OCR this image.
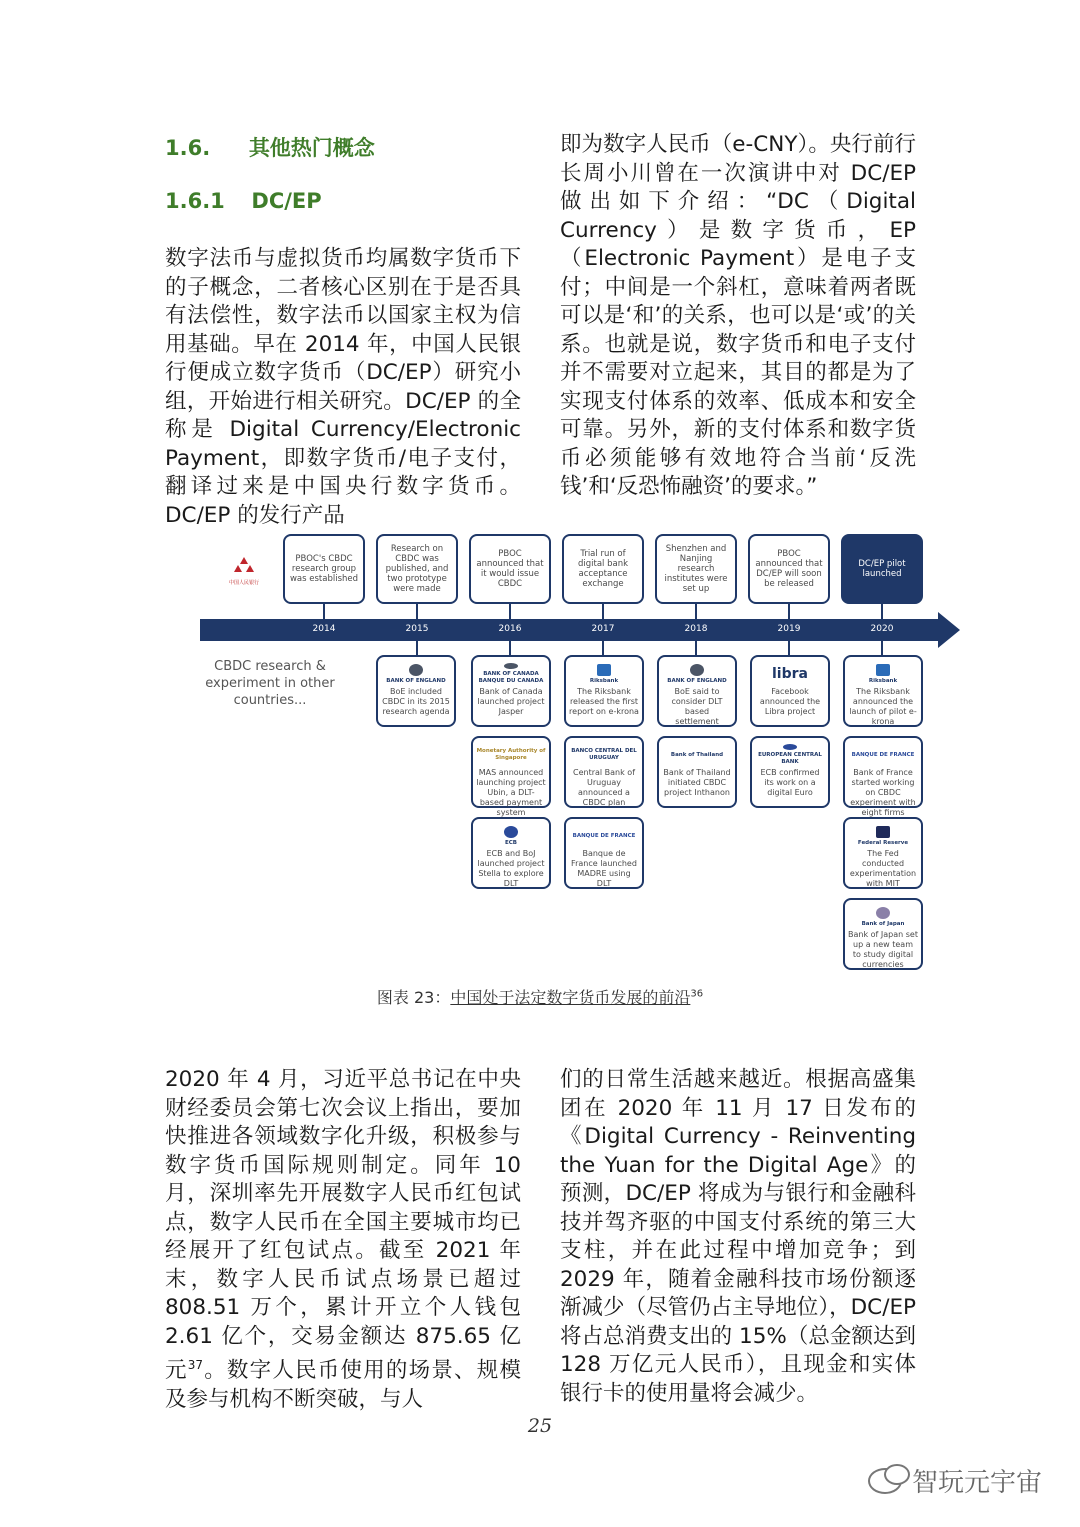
1.6. 其他热门概念
1.6.1 DC/EP

数字法币与虚拟货币均属数字货币下的子概念，二者核心区别在于是否具有法偿性，数字法币以国家主权为信用基础。早在 2014 年，中国人民银行便成立数字货币（DC/EP）研究小组，开始进行相关研究。DC/EP 的全称是 Digital Currency/Electronic Payment，即数字货币/电子支付，翻译过来是中国央行数字货币。DC/EP 的发行产品

即为数字人民币（e-CNY）。央行前行长周小川曾在一次演讲中对 DC/EP 做出如下介绍：“DC（Digital Currency）是数字货币，EP（Electronic Payment）是电子支付；中间是一个斜杠，意味着两者既可以是‘和’的关系，也可以是‘或’的关系。也就是说，数字货币和电子支付并不需要对立起来，其目的都是为了实现支付体系的效率、低成本和安全可靠。另外，新的支付体系和数字货币必须能够有效地符合当前‘反洗钱’和‘反恐怖融资’的要求。”

中国人民银行
PBOC's CBDC research group was established
Research on CBDC was published, and two prototype were made
PBOC announced that it would issue CBDC
Trial run of digital bank acceptance exchange
Shenzhen and Nanjing research institutes were set up
PBOC announced that DC/EP will soon be released
DC/EP pilot launched
2014	2015	2016	2017	2018	2019	2020
CBDC research & experiment in other countries...
BANK OF ENGLAND
BoE included CBDC in its 2015 research agenda
BANK OF CANADA BANQUE DU CANADA
Bank of Canada launched project Jasper
Monetary Authority of Singapore
MAS announced launching project Ubin, a DLT-based payment system
ECB
ECB and BoJ launched project Stella to explore DLT
Riksbank
The Riksbank released the first report on e-krona
BANCO CENTRAL DEL URUGUAY
Central Bank of Uruguay announced a CBDC plan
BANQUE DE FRANCE
Banque de France launched MADRE using DLT
BANK OF ENGLAND
BoE said to consider DLT based settlement
Bank of Thailand
Bank of Thailand initiated CBDC project Inthanon
libra
Facebook announced the Libra project
EUROPEAN CENTRAL BANK
ECB confirmed its work on a digital Euro
Riksbank
The Riksbank announced the launch of pilot e-krona
BANQUE DE FRANCE
Bank of France started working on CBDC experiment with eight firms
Federal Reserve
The Fed conducted experimentation with MIT
Bank of Japan
Bank of Japan set up a new team to study digital currencies
图表 23：中国处于法定数字货币发展的前沿$^{36}$

2020 年 4 月，习近平总书记在中央财经委员会第七次会议上指出，要加快推进各领域数字化升级，积极参与数字货币国际规则制定。同年 10 月，深圳率先开展数字人民币红包试点，数字人民币在全国主要城市均已经展开了红包试点。截至 2021 年末，数字人民币试点场景已超过 808.51 万个，累计开立个人钱包 2.61 亿个，交易金额达 875.65 亿元$^{37}$。数字人民币使用的场景、规模及参与机构不断突破，与人

们的日常生活越来越近。根据高盛集团在 2020 年 11 月 17 日发布的《Digital Currency - Reinventing the Yuan for the Digital Age》的预测，DC/EP 将成为与银行和金融科技并驾齐驱的中国支付系统的第三大支柱，并在此过程中增加竞争；到 2029 年，随着金融科技市场份额逐渐减少（尽管仍占主导地位），DC/EP 将占总消费支出的 15%（总金额达到 128 万亿元人民币），且现金和实体银行卡的使用量将会减少。

25
智玩元宇宙
